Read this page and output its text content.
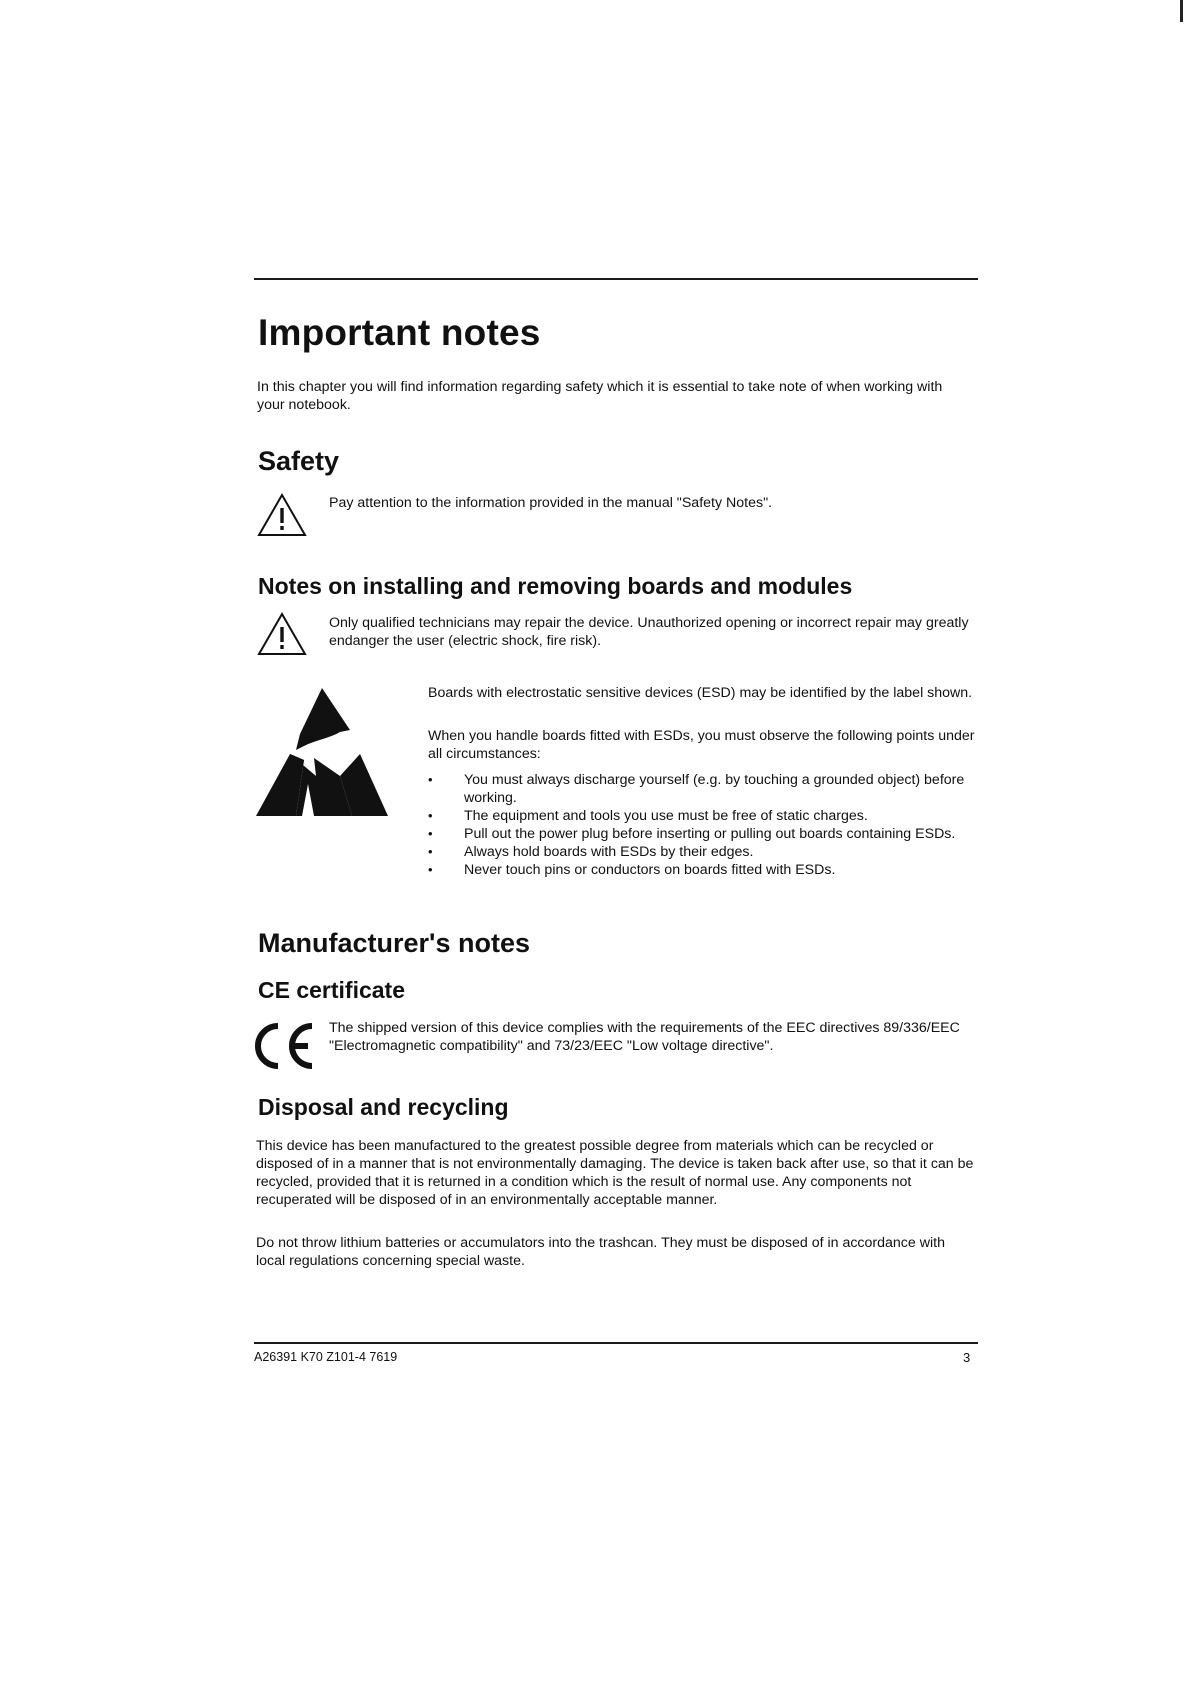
Important notes

In this chapter you will find information regarding safety which it is essential to take note of when working with your notebook.

Safety

Pay attention to the information provided in the manual "Safety Notes".

Notes on installing and removing boards and modules

Only qualified technicians may repair the device. Unauthorized opening or incorrect repair may greatly endanger the user (electric shock, fire risk).

Boards with electrostatic sensitive devices (ESD) may be identified by the label shown.

When you handle boards fitted with ESDs, you must observe the following points under all circumstances:

• You must always discharge yourself (e.g. by touching a grounded object) before working.
• The equipment and tools you use must be free of static charges.
• Pull out the power plug before inserting or pulling out boards containing ESDs.
• Always hold boards with ESDs by their edges.
• Never touch pins or conductors on boards fitted with ESDs.
Manufacturer's notes
CE certificate

The shipped version of this device complies with the requirements of the EEC directives 89/336/EEC "Electromagnetic compatibility" and 73/23/EEC "Low voltage directive".

Disposal and recycling

This device has been manufactured to the greatest possible degree from materials which can be recycled or disposed of in a manner that is not environmentally damaging. The device is taken back after use, so that it can be recycled, provided that it is returned in a condition which is the result of normal use. Any components not recuperated will be disposed of in an environmentally acceptable manner.

Do not throw lithium batteries or accumulators into the trashcan. They must be disposed of in accordance with local regulations concerning special waste.

A26391 K70 Z101-4 7619	3
